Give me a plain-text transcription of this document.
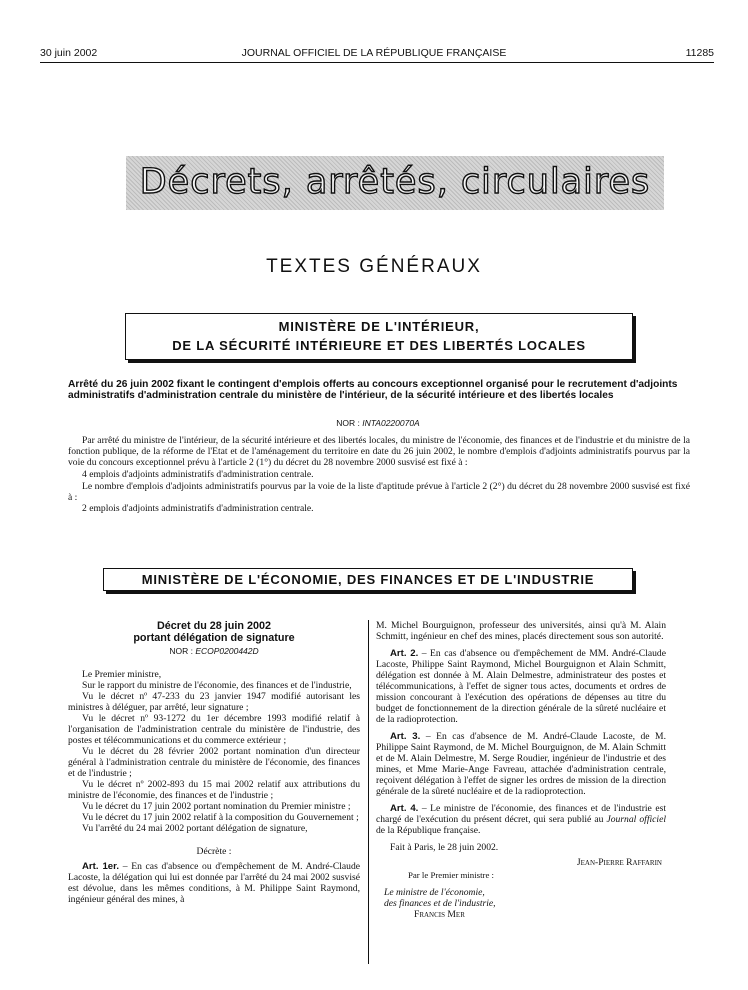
30 juin 2002	JOURNAL OFFICIEL DE LA RÉPUBLIQUE FRANÇAISE	11285
Décrets, arrêtés, circulaires
TEXTES GÉNÉRAUX
MINISTÈRE DE L'INTÉRIEUR,
DE LA SÉCURITÉ INTÉRIEURE ET DES LIBERTÉS LOCALES
Arrêté du 26 juin 2002 fixant le contingent d'emplois offerts au concours exceptionnel organisé pour le recrutement d'adjoints administratifs d'administration centrale du ministère de l'intérieur, de la sécurité intérieure et des libertés locales
NOR : INTA0220070A

Par arrêté du ministre de l'intérieur, de la sécurité intérieure et des libertés locales, du ministre de l'économie, des finances et de l'industrie et du ministre de la fonction publique, de la réforme de l'Etat et de l'aménagement du territoire en date du 26 juin 2002, le nombre d'emplois d'adjoints administratifs pourvus par la voie du concours exceptionnel prévu à l'article 2 (1°) du décret du 28 novembre 2000 susvisé est fixé à :

4 emplois d'adjoints administratifs d'administration centrale.

Le nombre d'emplois d'adjoints administratifs pourvus par la voie de la liste d'aptitude prévue à l'article 2 (2°) du décret du 28 novembre 2000 susvisé est fixé à :

2 emplois d'adjoints administratifs d'administration centrale.

MINISTÈRE DE L'ÉCONOMIE, DES FINANCES ET DE L'INDUSTRIE
Décret du 28 juin 2002
portant délégation de signature
NOR : ECOP0200442D

Le Premier ministre,

Sur le rapport du ministre de l'économie, des finances et de l'industrie,

Vu le décret nº 47-233 du 23 janvier 1947 modifié autorisant les ministres à déléguer, par arrêté, leur signature ;

Vu le décret nº 93-1272 du 1er décembre 1993 modifié relatif à l'organisation de l'administration centrale du ministère de l'industrie, des postes et télécommunications et du commerce extérieur ;

Vu le décret du 28 février 2002 portant nomination d'un directeur général à l'administration centrale du ministère de l'économie, des finances et de l'industrie ;

Vu le décret nº 2002-893 du 15 mai 2002 relatif aux attributions du ministre de l'économie, des finances et de l'industrie ;

Vu le décret du 17 juin 2002 portant nomination du Premier ministre ;

Vu le décret du 17 juin 2002 relatif à la composition du Gouvernement ;

Vu l'arrêté du 24 mai 2002 portant délégation de signature,

Décrète :

Art. 1er. – En cas d'absence ou d'empêchement de M. André-Claude Lacoste, la délégation qui lui est donnée par l'arrêté du 24 mai 2002 susvisé est dévolue, dans les mêmes conditions, à M. Philippe Saint Raymond, ingénieur général des mines, à

M. Michel Bourguignon, professeur des universités, ainsi qu'à M. Alain Schmitt, ingénieur en chef des mines, placés directement sous son autorité.

Art. 2. – En cas d'absence ou d'empêchement de MM. André-Claude Lacoste, Philippe Saint Raymond, Michel Bourguignon et Alain Schmitt, délégation est donnée à M. Alain Delmestre, administrateur des postes et télécommunications, à l'effet de signer tous actes, documents et ordres de mission concourant à l'exécution des opérations de dépenses au titre du budget de fonctionnement de la direction générale de la sûreté nucléaire et de la radioprotection.

Art. 3. – En cas d'absence de M. André-Claude Lacoste, de M. Philippe Saint Raymond, de M. Michel Bourguignon, de M. Alain Schmitt et de M. Alain Delmestre, M. Serge Roudier, ingénieur de l'industrie et des mines, et Mme Marie-Ange Favreau, attachée d'administration centrale, reçoivent délégation à l'effet de signer les ordres de mission de la direction générale de la sûreté nucléaire et de la radioprotection.

Art. 4. – Le ministre de l'économie, des finances et de l'industrie est chargé de l'exécution du présent décret, qui sera publié au Journal officiel de la République française.

Fait à Paris, le 28 juin 2002.

Jean-Pierre Raffarin

Par le Premier ministre :

Le ministre de l'économie,

des finances et de l'industrie,

Francis Mer
